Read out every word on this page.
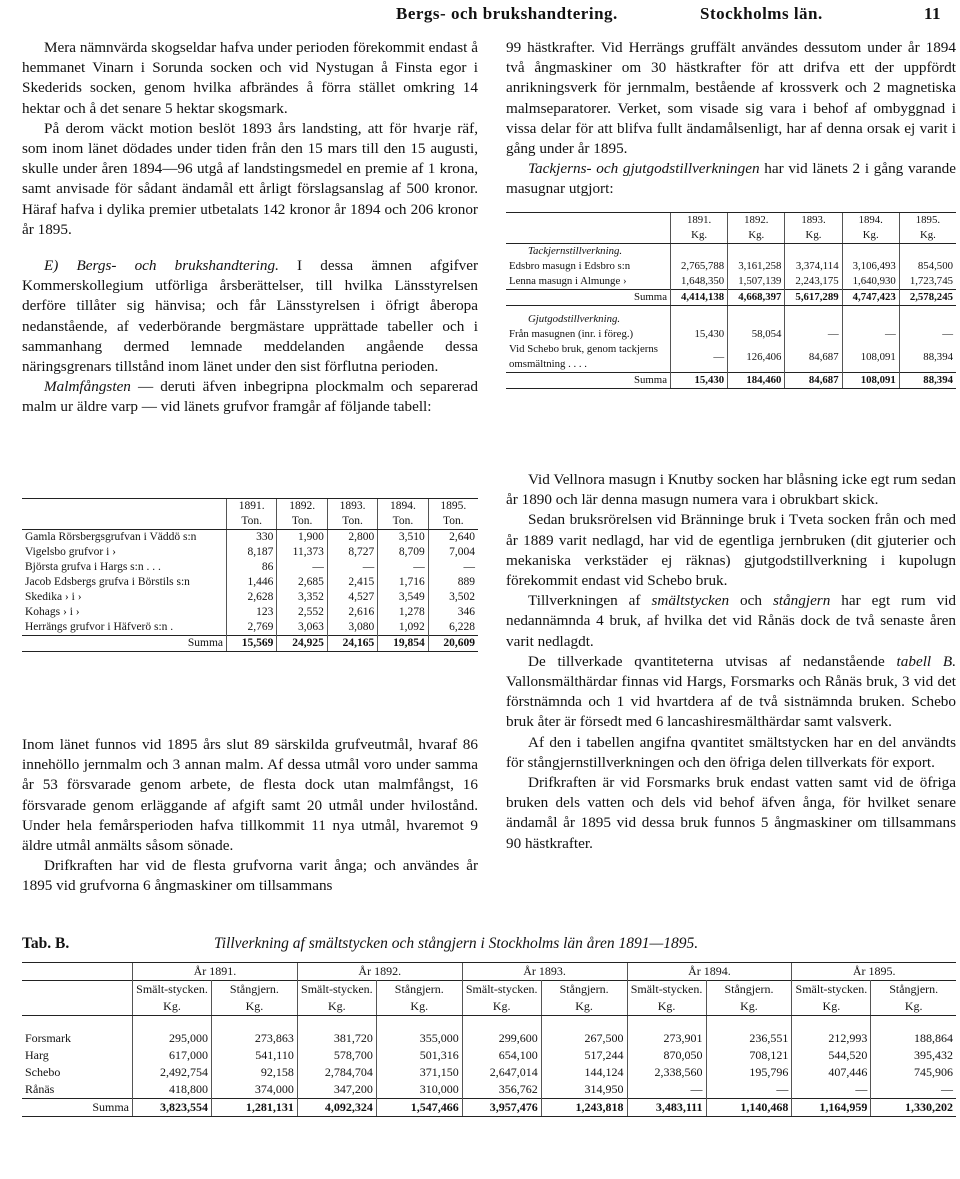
Bergs- och brukshandtering.	Stockholms län.	11

Mera nämnvärda skogseldar hafva under perioden förekommit endast å hemmanet Vinarn i Sorunda socken och vid Nystugan å Finsta egor i Skederids socken, genom hvilka afbrändes å förra stället omkring 14 hektar och å det senare 5 hektar skogsmark.

På derom väckt motion beslöt 1893 års landsting, att för hvarje räf, som inom länet dödades under tiden från den 15 mars till den 15 augusti, skulle under åren 1894—96 utgå af landstingsmedel en premie af 1 krona, samt anvisade för sådant ändamål ett årligt förslagsanslag af 500 kronor. Häraf hafva i dylika premier utbetalats 142 kronor år 1894 och 206 kronor år 1895.

E) Bergs- och brukshandtering. I dessa ämnen afgifver Kommerskollegium utförliga årsberättelser, till hvilka Länsstyrelsen derföre tillåter sig hänvisa; och får Länsstyrelsen i öfrigt åberopa nedanstående, af vederbörande bergmästare upprättade tabeller och i sammanhang dermed lemnade meddelanden angående dessa näringsgrenars tillstånd inom länet under den sist förflutna perioden.

Malmfångsten — deruti äfven inbegripna plockmalm och separerad malm ur äldre varp — vid länets grufvor framgår af följande tabell:

	1891.	1892.	1893.	1894.	1895.
	Ton.	Ton.	Ton.	Ton.	Ton.
Gamla Rörsbergsgrufvan i Väddö s:n	330	1,900	2,800	3,510	2,640
Vigelsbo grufvor i ›	8,187	11,373	8,727	8,709	7,004
Björsta grufva i Hargs s:n . . .	86	—	—	—	—
Jacob Edsbergs grufva i Börstils s:n	1,446	2,685	2,415	1,716	889
Skedika › i ›	2,628	3,352	4,527	3,549	3,502
Kohags › i ›	123	2,552	2,616	1,278	346
Herrängs grufvor i Häfverö s:n .	2,769	3,063	3,080	1,092	6,228
Summa	15,569	24,925	24,165	19,854	20,609

Inom länet funnos vid 1895 års slut 89 särskilda grufveutmål, hvaraf 86 innehöllo jernmalm och 3 annan malm. Af dessa utmål voro under samma år 53 försvarade genom arbete, de flesta dock utan malmfångst, 16 försvarade genom erläggande af afgift samt 20 utmål under hvilostånd. Under hela femårsperioden hafva tillkommit 11 nya utmål, hvaremot 9 äldre utmål anmälts såsom sönade.

Drifkraften har vid de flesta grufvorna varit ånga; och användes år 1895 vid grufvorna 6 ångmaskiner om tillsammans

99 hästkrafter. Vid Herrängs gruffält användes dessutom under år 1894 två ångmaskiner om 30 hästkrafter för att drifva ett der uppfördt anrikningsverk för jernmalm, bestående af krossverk och 2 magnetiska malmseparatorer. Verket, som visade sig vara i behof af ombyggnad i vissa delar för att blifva fullt ändamålsenligt, har af denna orsak ej varit i gång under år 1895.

Tackjerns- och gjutgodstillverkningen har vid länets 2 i gång varande masugnar utgjort:

	1891.	1892.	1893.	1894.	1895.
	Kg.	Kg.	Kg.	Kg.	Kg.
Tackjernstillverkning.					
Edsbro masugn i Edsbro s:n	2,765,788	3,161,258	3,374,114	3,106,493	854,500
Lenna masugn i Almunge ›	1,648,350	1,507,139	2,243,175	1,640,930	1,723,745
Summa	4,414,138	4,668,397	5,617,289	4,747,423	2,578,245
Gjutgodstillverkning.					
Från masugnen (inr. i föreg.)	15,430	58,054	—	—	—
Vid Schebo bruk, genom tackjerns omsmältning . . . .	—	126,406	84,687	108,091	88,394
Summa	15,430	184,460	84,687	108,091	88,394

Vid Vellnora masugn i Knutby socken har blåsning icke egt rum sedan år 1890 och lär denna masugn numera vara i obrukbart skick.

Sedan bruksrörelsen vid Bränninge bruk i Tveta socken från och med år 1889 varit nedlagd, har vid de egentliga jernbruken (dit gjuterier och mekaniska verkstäder ej räknas) gjutgodstillverkning i kupolugn förekommit endast vid Schebo bruk.

Tillverkningen af smältstycken och stångjern har egt rum vid nedannämnda 4 bruk, af hvilka det vid Rånäs dock de två senaste åren varit nedlagdt.

De tillverkade qvantiteterna utvisas af nedanstående tabell B. Vallonsmälthärdar finnas vid Hargs, Forsmarks och Rånäs bruk, 3 vid det förstnämnda och 1 vid hvartdera af de två sistnämnda bruken. Schebo bruk åter är försedt med 6 lancashiresmälthärdar samt valsverk.

Af den i tabellen angifna qvantitet smältstycken har en del användts för stångjernstillverkningen och den öfriga delen tillverkats för export.

Drifkraften är vid Forsmarks bruk endast vatten samt vid de öfriga bruken dels vatten och dels vid behof äfven ånga, för hvilket senare ändamål år 1895 vid dessa bruk funnos 5 ångmaskiner om tillsammans 90 hästkrafter.

Tab. B.	Tillverkning af smältstycken och stångjern i Stockholms län åren 1891—1895.
	År 1891.		År 1892.		År 1893.		År 1894.		År 1895.	
	Smält-stycken.	Stångjern.	Smält-stycken.	Stångjern.	Smält-stycken.	Stångjern.	Smält-stycken.	Stångjern.	Smält-stycken.	Stångjern.
	Kg.	Kg.	Kg.	Kg.	Kg.	Kg.	Kg.	Kg.	Kg.	Kg.

Forsmark	295,000	273,863	381,720	355,000	299,600	267,500	273,901	236,551	212,993	188,864
Harg	617,000	541,110	578,700	501,316	654,100	517,244	870,050	708,121	544,520	395,432
Schebo	2,492,754	92,158	2,784,704	371,150	2,647,014	144,124	2,338,560	195,796	407,446	745,906
Rånäs	418,800	374,000	347,200	310,000	356,762	314,950	—	—	—	—
Summa	3,823,554	1,281,131	4,092,324	1,547,466	3,957,476	1,243,818	3,483,111	1,140,468	1,164,959	1,330,202
